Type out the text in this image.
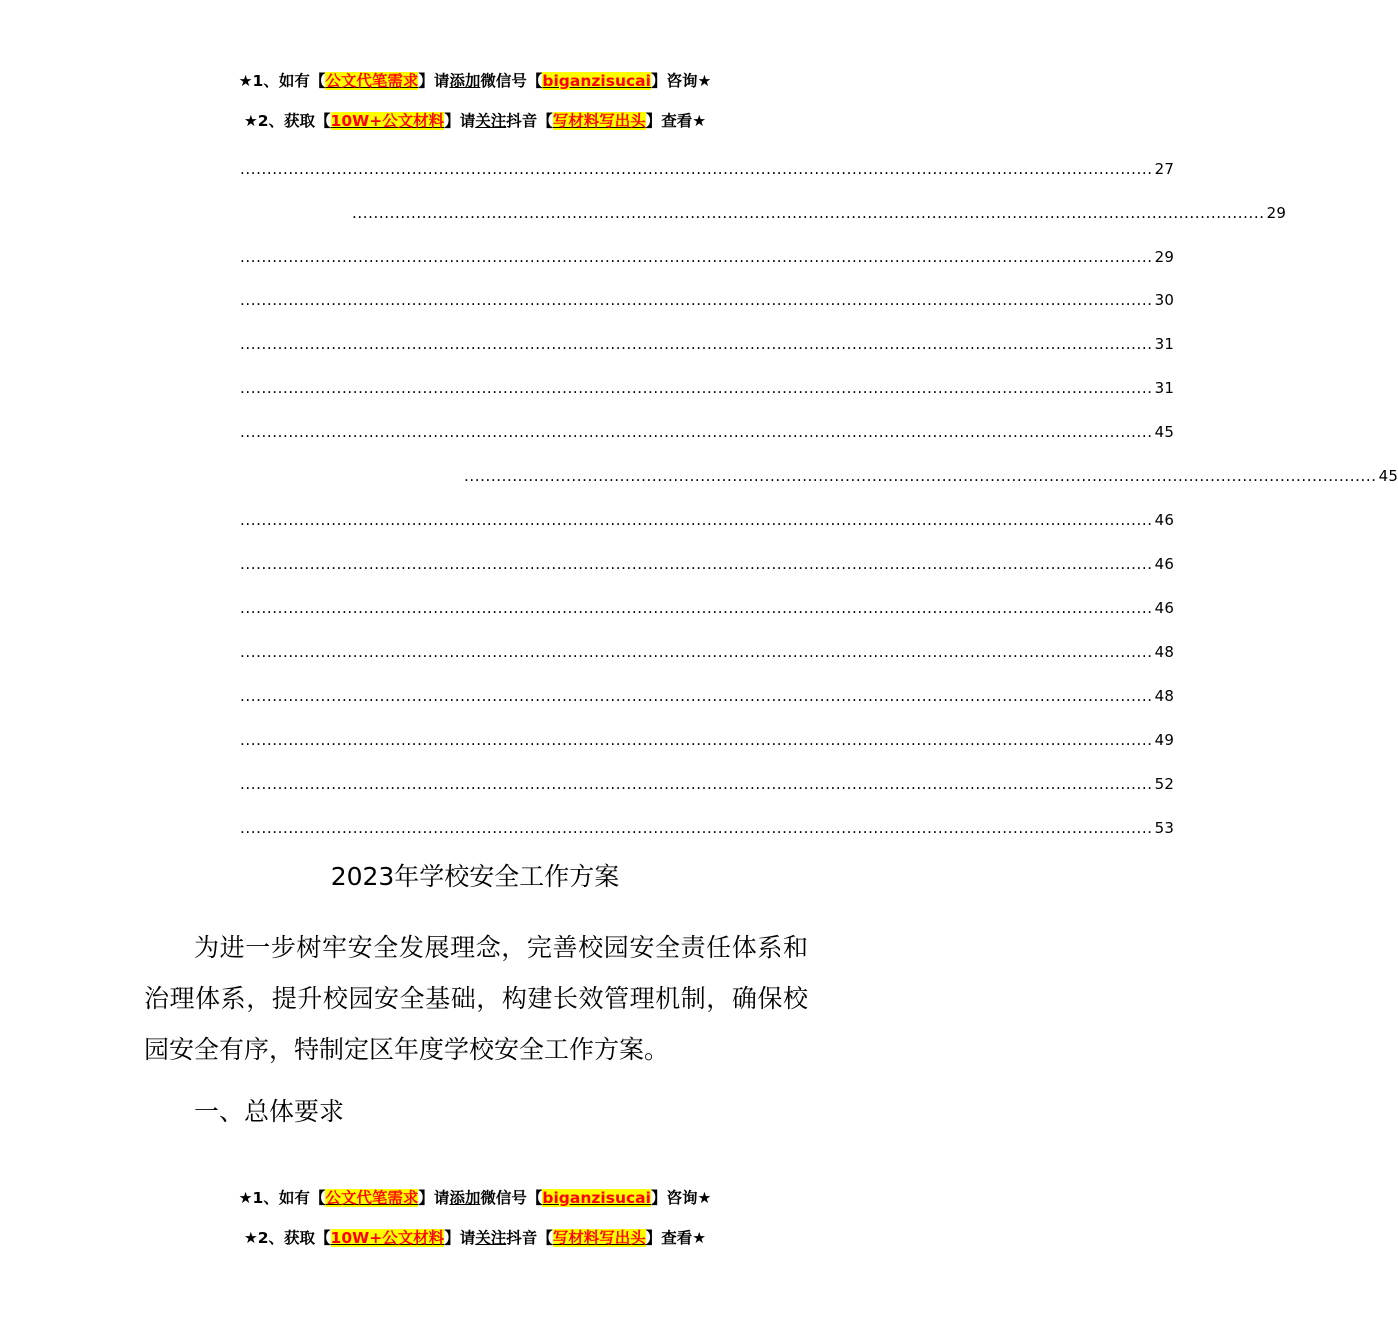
★1、如有【公文代笔需求】请添加微信号【biganzisucai】咨询★
★2、获取【10W+公文材料】请关注抖音【写材料写出头】查看★
.......................................................................................................................................................................... 27
.......................................................................................................................................................................... 29
.......................................................................................................................................................................... 29
.......................................................................................................................................................................... 30
.......................................................................................................................................................................... 31
.......................................................................................................................................................................... 31
.......................................................................................................................................................................... 45
.......................................................................................................................................................................... 45
.......................................................................................................................................................................... 46
.......................................................................................................................................................................... 46
.......................................................................................................................................................................... 46
.......................................................................................................................................................................... 48
.......................................................................................................................................................................... 48
.......................................................................................................................................................................... 49
.......................................................................................................................................................................... 52
.......................................................................................................................................................................... 53
2023年学校安全工作方案

为进一步树牢安全发展理念，完善校园安全责任体系和治理体系，提升校园安全基础，构建长效管理机制，确保校园安全有序，特制定区年度学校安全工作方案。

一、总体要求
★1、如有【公文代笔需求】请添加微信号【biganzisucai】咨询★
★2、获取【10W+公文材料】请关注抖音【写材料写出头】查看★
